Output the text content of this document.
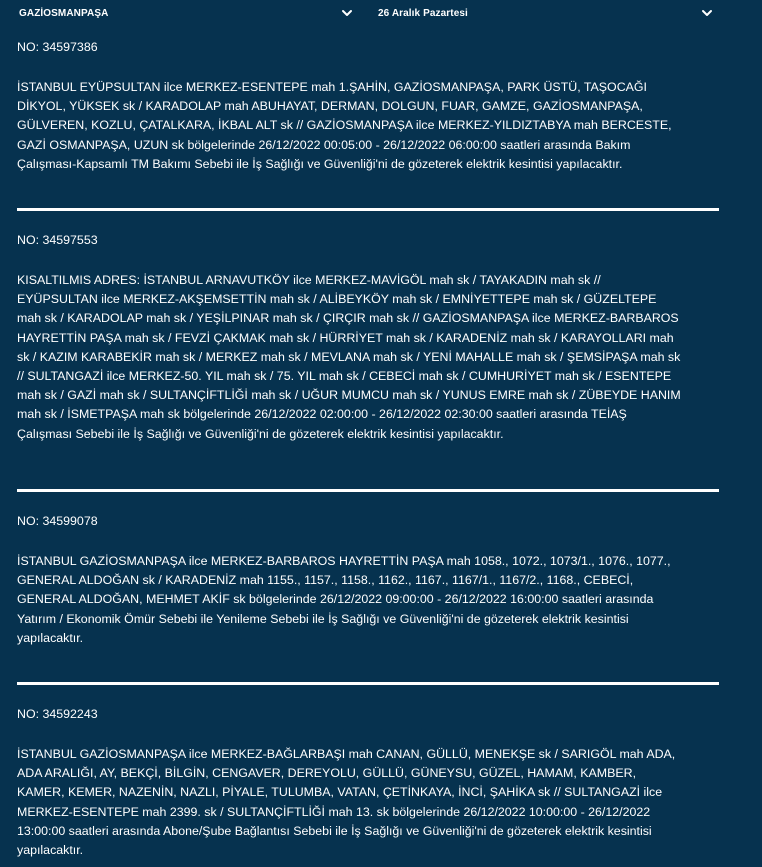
GAZİOSMANPAŞA	26 Aralık Pazartesi

NO: 34597386

İSTANBUL EYÜPSULTAN ilce MERKEZ-ESENTEPE mah 1.ŞAHİN, GAZİOSMANPAŞA, PARK ÜSTÜ, TAŞOCAĞI
DİKYOL, YÜKSEK sk / KARADOLAP mah ABUHAYAT, DERMAN, DOLGUN, FUAR, GAMZE, GAZİOSMANPAŞA,
GÜLVEREN, KOZLU, ÇATALKARA, İKBAL ALT sk // GAZİOSMANPAŞA ilce MERKEZ-YILDIZTABYA mah BERCESTE,
GAZİ OSMANPAŞA, UZUN sk bölgelerinde 26/12/2022 00:05:00 - 26/12/2022 06:00:00 saatleri arasında Bakım
Çalışması-Kapsamlı TM Bakımı Sebebi ile İş Sağlığı ve Güvenliği'ni de gözeterek elektrik kesintisi yapılacaktır.

NO: 34597553

KISALTILMIS ADRES: İSTANBUL ARNAVUTKÖY ilce MERKEZ-MAVİGÖL mah sk / TAYAKADIN mah sk //
EYÜPSULTAN ilce MERKEZ-AKŞEMSETTİN mah sk / ALİBEYKÖY mah sk / EMNİYETTEPE mah sk / GÜZELTEPE
mah sk / KARADOLAP mah sk / YEŞİLPINAR mah sk / ÇIRÇIR mah sk // GAZİOSMANPAŞA ilce MERKEZ-BARBAROS
HAYRETTİN PAŞA mah sk / FEVZİ ÇAKMAK mah sk / HÜRRİYET mah sk / KARADENİZ mah sk / KARAYOLLARI mah
sk / KAZIM KARABEKİR mah sk / MERKEZ mah sk / MEVLANA mah sk / YENİ MAHALLE mah sk / ŞEMSİPAŞA mah sk
// SULTANGAZİ ilce MERKEZ-50. YIL mah sk / 75. YIL mah sk / CEBECİ mah sk / CUMHURİYET mah sk / ESENTEPE
mah sk / GAZİ mah sk / SULTANÇİFTLİĞİ mah sk / UĞUR MUMCU mah sk / YUNUS EMRE mah sk / ZÜBEYDE HANIM
mah sk / İSMETPAŞA mah sk bölgelerinde 26/12/2022 02:00:00 - 26/12/2022 02:30:00 saatleri arasında TEİAŞ
Çalışması Sebebi ile İş Sağlığı ve Güvenliği'ni de gözeterek elektrik kesintisi yapılacaktır.

NO: 34599078

İSTANBUL GAZİOSMANPAŞA ilce MERKEZ-BARBAROS HAYRETTİN PAŞA mah 1058., 1072., 1073/1., 1076., 1077.,
GENERAL ALDOĞAN sk / KARADENİZ mah 1155., 1157., 1158., 1162., 1167., 1167/1., 1167/2., 1168., CEBECİ,
GENERAL ALDOĞAN, MEHMET AKİF sk bölgelerinde 26/12/2022 09:00:00 - 26/12/2022 16:00:00 saatleri arasında
Yatırım / Ekonomik Ömür Sebebi ile Yenileme Sebebi ile İş Sağlığı ve Güvenliği'ni de gözeterek elektrik kesintisi
yapılacaktır.

NO: 34592243

İSTANBUL GAZİOSMANPAŞA ilce MERKEZ-BAĞLARBAŞI mah CANAN, GÜLLÜ, MENEKŞE sk / SARIGÖL mah ADA,
ADA ARALIĞI, AY, BEKÇİ, BİLGİN, CENGAVER, DEREYOLU, GÜLLÜ, GÜNEYSU, GÜZEL, HAMAM, KAMBER,
KAMER, KEMER, NAZENİN, NAZLI, PİYALE, TULUMBA, VATAN, ÇETİNKAYA, İNCİ, ŞAHİKA sk // SULTANGAZİ ilce
MERKEZ-ESENTEPE mah 2399. sk / SULTANÇİFTLİĞİ mah 13. sk bölgelerinde 26/12/2022 10:00:00 - 26/12/2022
13:00:00 saatleri arasında Abone/Şube Bağlantısı Sebebi ile İş Sağlığı ve Güvenliği'ni de gözeterek elektrik kesintisi
yapılacaktır.
